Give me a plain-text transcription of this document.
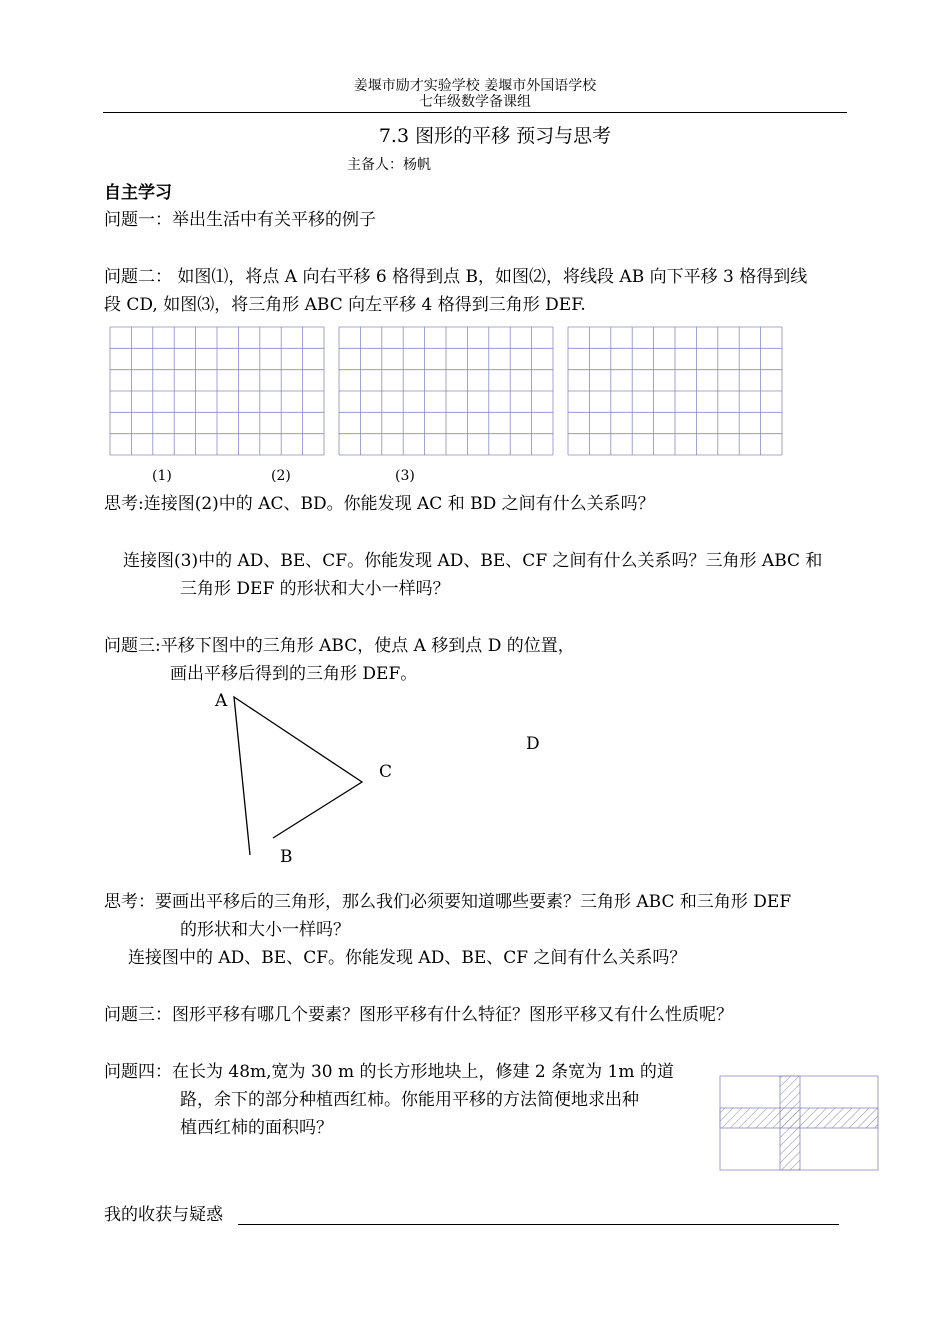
姜堰市励才实验学校 姜堰市外国语学校
七年级数学备课组
7.3 图形的平移 预习与思考
主备人：杨帆
自主学习
问题一：举出生活中有关平移的例子
问题二： 如图⑴，将点 A 向右平移 6 格得到点 B，如图⑵，将线段 AB 向下平移 3 格得到线
段 CD, 如图⑶，将三角形 ABC 向左平移 4 格得到三角形 DEF.
(1)	(2)	(3)
思考:连接图(2)中的 AC、BD。你能发现 AC 和 BD 之间有什么关系吗？
连接图(3)中的 AD、BE、CF。你能发现 AD、BE、CF 之间有什么关系吗？三角形 ABC 和
三角形 DEF 的形状和大小一样吗？
问题三:平移下图中的三角形 ABC，使点 A 移到点 D 的位置，
画出平移后得到的三角形 DEF。
A
C
B
D
思考：要画出平移后的三角形，那么我们必须要知道哪些要素？三角形 ABC 和三角形 DEF
的形状和大小一样吗？
连接图中的 AD、BE、CF。你能发现 AD、BE、CF 之间有什么关系吗？
问题三：图形平移有哪几个要素？图形平移有什么特征？图形平移又有什么性质呢？
问题四：在长为 48m,宽为 30 m 的长方形地块上，修建 2 条宽为 1m 的道
路，余下的部分种植西红柿。你能用平移的方法简便地求出种
植西红柿的面积吗？
我的收获与疑惑
